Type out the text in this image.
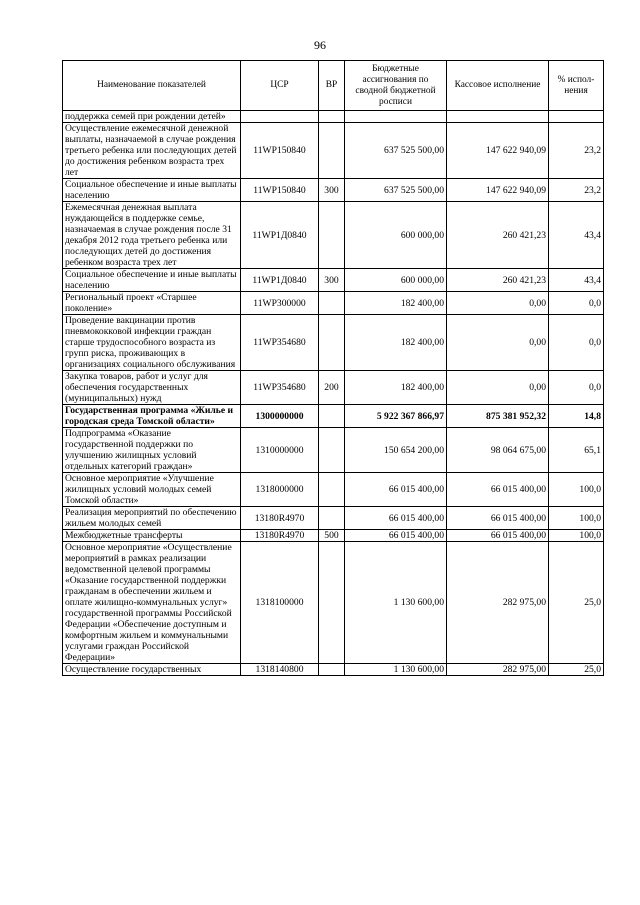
96
Наименование показателей	ЦСР	ВР	Бюджетные ассигнования по сводной бюджетной росписи	Кассовое исполнение	% испол-нения
поддержка семей при рождении детей»					
Осуществление ежемесячной денежной выплаты, назначаемой в случае рождения третьего ребенка или последующих детей до достижения ребенком возраста трех лет	11WP150840		637 525 500,00	147 622 940,09	23,2
Социальное обеспечение и иные выплаты населению	11WP150840	300	637 525 500,00	147 622 940,09	23,2
Ежемесячная денежная выплата нуждающейся в поддержке семье, назначаемая в случае рождения после 31 декабря 2012 года третьего ребенка или последующих детей до достижения ребенком возраста трех лет	11WP1Д0840		600 000,00	260 421,23	43,4
Социальное обеспечение и иные выплаты населению	11WP1Д0840	300	600 000,00	260 421,23	43,4
Региональный проект «Старшее поколение»	11WP300000		182 400,00	0,00	0,0
Проведение вакцинации против пневмококковой инфекции граждан старше трудоспособного возраста из групп риска, проживающих в организациях социального обслуживания	11WP354680		182 400,00	0,00	0,0
Закупка товаров, работ и услуг для обеспечения государственных (муниципальных) нужд	11WP354680	200	182 400,00	0,00	0,0
Государственная программа «Жилье и городская среда Томской области»	1300000000		5 922 367 866,97	875 381 952,32	14,8
Подпрограмма «Оказание государственной поддержки по улучшению жилищных условий отдельных категорий граждан»	1310000000		150 654 200,00	98 064 675,00	65,1
Основное мероприятие «Улучшение жилищных условий молодых семей Томской области»	1318000000		66 015 400,00	66 015 400,00	100,0
Реализация мероприятий по обеспечению жильем молодых семей	13180R4970		66 015 400,00	66 015 400,00	100,0
Межбюджетные трансферты	13180R4970	500	66 015 400,00	66 015 400,00	100,0
Основное мероприятие «Осуществление мероприятий в рамках реализации ведомственной целевой программы «Оказание государственной поддержки гражданам в обеспечении жильем и оплате жилищно-коммунальных услуг» государственной программы Российской Федерации «Обеспечение доступным и комфортным жильем и коммунальными услугами граждан Российской Федерации»	1318100000		1 130 600,00	282 975,00	25,0
Осуществление государственных	1318140800		1 130 600,00	282 975,00	25,0
